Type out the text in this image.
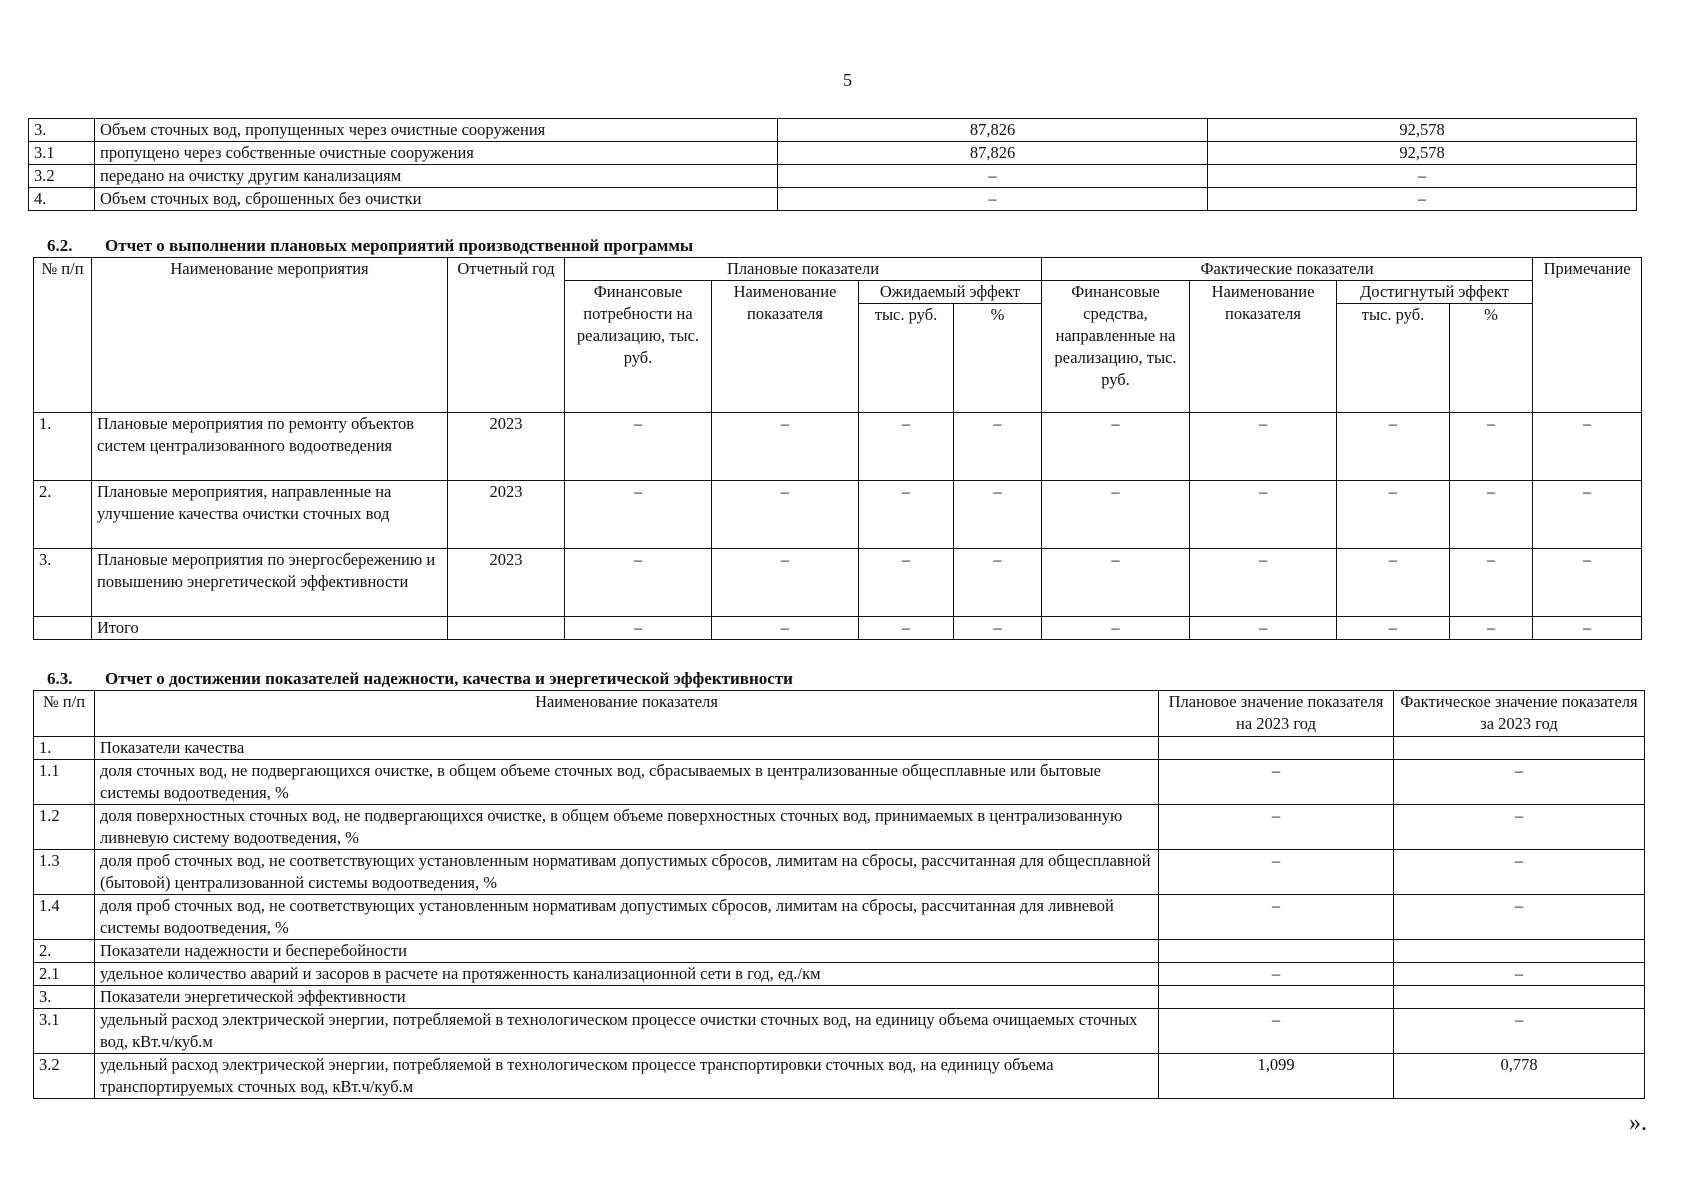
5
3.	Объем сточных вод, пропущенных через очистные сооружения	87,826	92,578
3.1	пропущено через собственные очистные сооружения	87,826	92,578
3.2	передано на очистку другим канализациям	–	–
4.	Объем сточных вод, сброшенных без очистки	–	–
6.2. Отчет о выполнении плановых мероприятий производственной программы
№ п/п	Наименование мероприятия	Отчетный год	Плановые показатели				Фактические показатели				Примечание
			Финансовые потребности на реализацию, тыс. руб.	Наименование показателя	Ожидаемый эффект		Финансовые средства, направленные на реализацию, тыс. руб.	Наименование показателя	Достигнутый эффект		
					тыс. руб.	%			тыс. руб.	%	
1.	Плановые мероприятия по ремонту объектов систем централизованного водоотведения	2023	–	–	–	–	–	–	–	–	–
2.	Плановые мероприятия, направленные на улучшение качества очистки сточных вод	2023	–	–	–	–	–	–	–	–	–
3.	Плановые мероприятия по энергосбережению и повышению энергетической эффективности	2023	–	–	–	–	–	–	–	–	–
	Итого		–	–	–	–	–	–	–	–	–
6.3. Отчет о достижении показателей надежности, качества и энергетической эффективности
№ п/п	Наименование показателя	Плановое значение показателя на 2023 год	Фактическое значение показателя за 2023 год
1.	Показатели качества		
1.1	доля сточных вод, не подвергающихся очистке, в общем объеме сточных вод, сбрасываемых в централизованные общесплавные или бытовые системы водоотведения, %	–	–
1.2	доля поверхностных сточных вод, не подвергающихся очистке, в общем объеме поверхностных сточных вод, принимаемых в централизованную ливневую систему водоотведения, %	–	–
1.3	доля проб сточных вод, не соответствующих установленным нормативам допустимых сбросов, лимитам на сбросы, рассчитанная для общесплавной (бытовой) централизованной системы водоотведения, %	–	–
1.4	доля проб сточных вод, не соответствующих установленным нормативам допустимых сбросов, лимитам на сбросы, рассчитанная для ливневой системы водоотведения, %	–	–
2.	Показатели надежности и бесперебойности		
2.1	удельное количество аварий и засоров в расчете на протяженность канализационной сети в год, ед./км	–	–
3.	Показатели энергетической эффективности		
3.1	удельный расход электрической энергии, потребляемой в технологическом процессе очистки сточных вод, на единицу объема очищаемых сточных вод, кВт.ч/куб.м	–	–
3.2	удельный расход электрической энергии, потребляемой в технологическом процессе транспортировки сточных вод, на единицу объема транспортируемых сточных вод, кВт.ч/куб.м	1,099	0,778
».
